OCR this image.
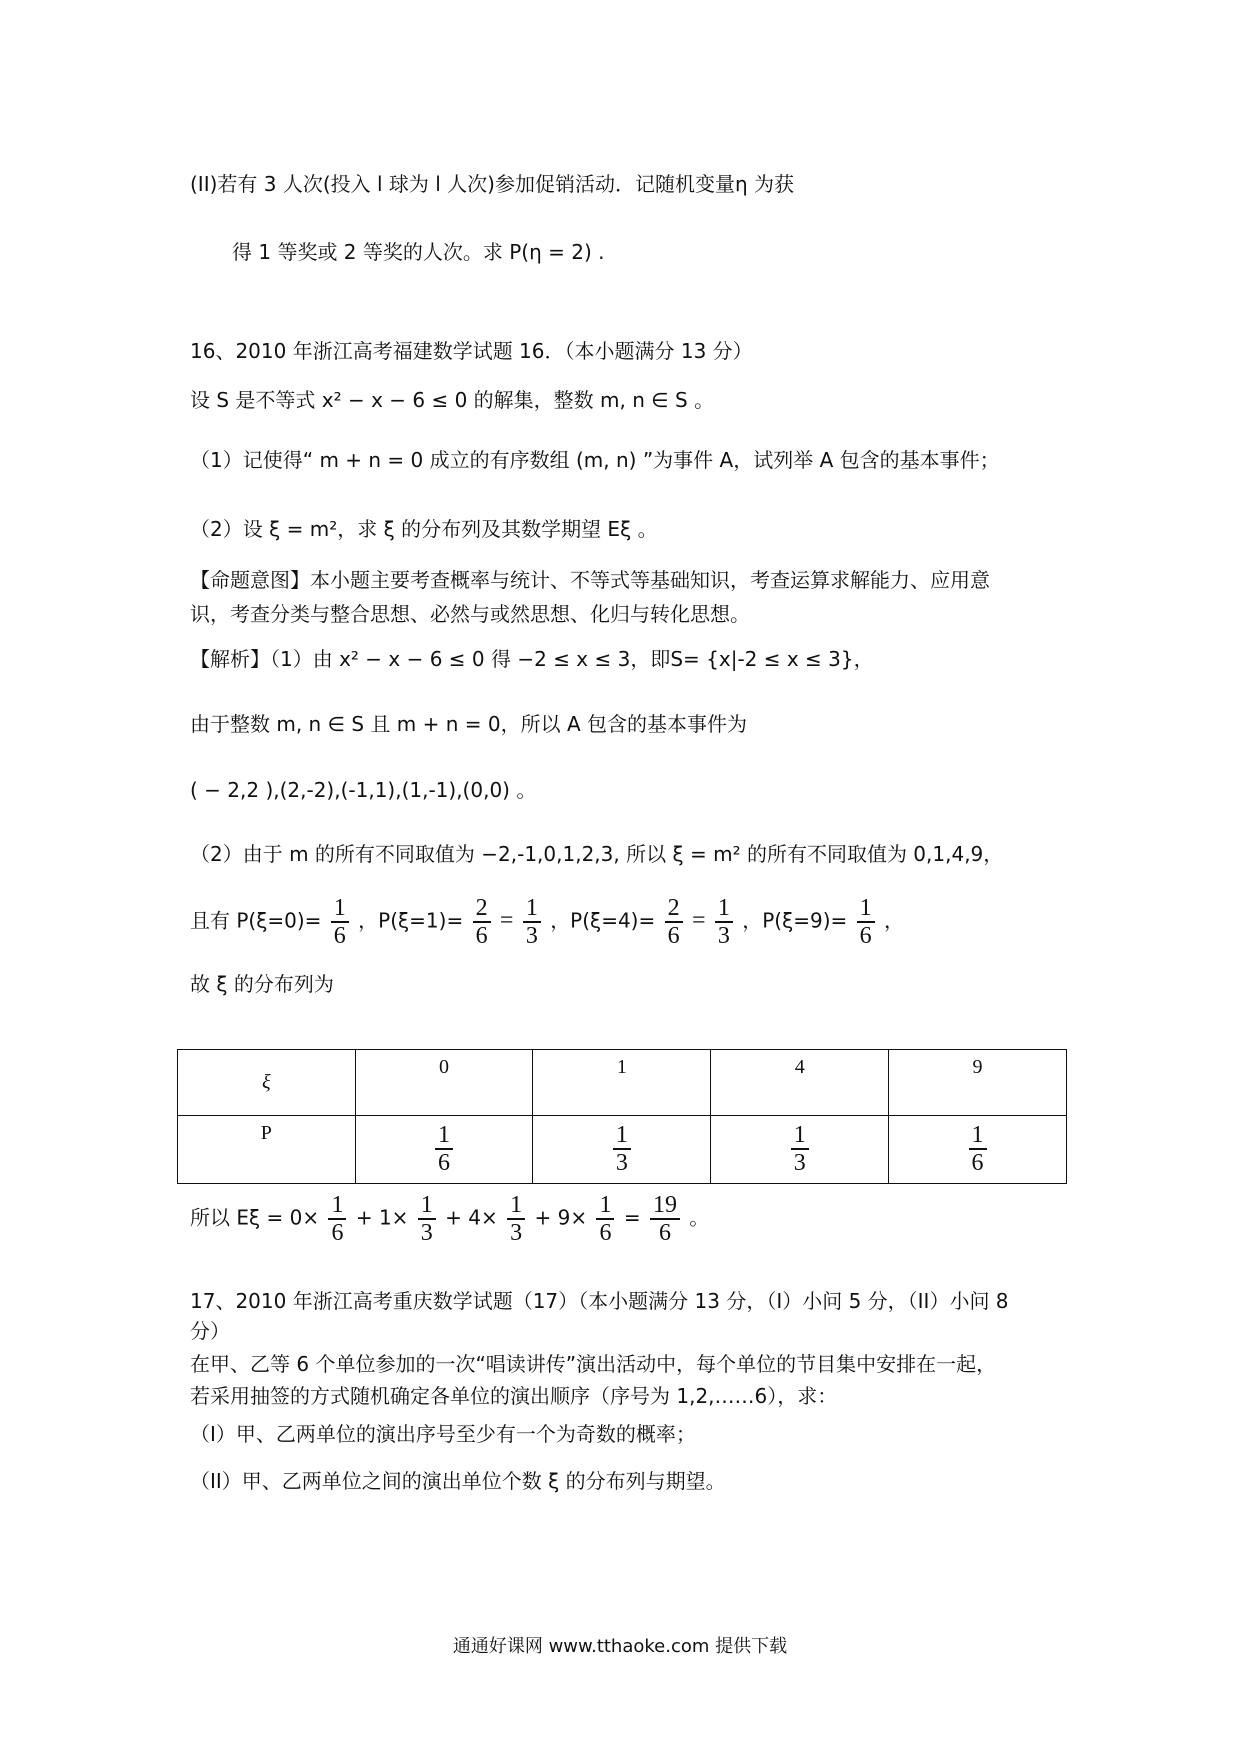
(II)若有 3 人次(投入 l 球为 l 人次)参加促销活动．记随机变量η 为获
得 1 等奖或 2 等奖的人次。求 P(η = 2) .
16、2010 年浙江高考福建数学试题 16．（本小题满分 13 分）
设 S 是不等式 x² − x − 6 ≤ 0 的解集，整数 m, n ∈ S 。
（1）记使得“ m + n = 0 成立的有序数组 (m, n) ”为事件 A，试列举 A 包含的基本事件；
（2）设 ξ = m²，求 ξ 的分布列及其数学期望 Eξ 。
【命题意图】本小题主要考查概率与统计、不等式等基础知识，考查运算求解能力、应用意
识，考查分类与整合思想、必然与或然思想、化归与转化思想。
【解析】（1）由 x² − x − 6 ≤ 0 得 −2 ≤ x ≤ 3，即S= {x|-2 ≤ x ≤ 3}，
由于整数 m, n ∈ S 且 m + n = 0，所以 A 包含的基本事件为
( − 2,2 ),(2,-2),(-1,1),(1,-1),(0,0) 。
（2）由于 m 的所有不同取值为 −2,-1,0,1,2,3, 所以 ξ = m² 的所有不同取值为 0,1,4,9，
且有 $P(\xi=0)= \frac{1}{6}$ ，$P(\xi=1)= \frac{2}{6} = \frac{1}{3}$ ，$P(\xi=4)= \frac{2}{6} = \frac{1}{3}$ ，$P(\xi=9)= \frac{1}{6}$ ，
故 ξ 的分布列为
ξ	0	1	4	9
P	$\frac{1}{6}$	$\frac{1}{3}$	$\frac{1}{3}$	$\frac{1}{6}$
所以 $E\xi = 0\times \frac{1}{6} + 1\times \frac{1}{3} + 4\times \frac{1}{3} + 9\times \frac{1}{6} = \frac{19}{6}$ 。
17、2010 年浙江高考重庆数学试题（17）（本小题满分 13 分，（I）小问 5 分，（II）小问 8
分）
在甲、乙等 6 个单位参加的一次“唱读讲传”演出活动中，每个单位的节目集中安排在一起，
若采用抽签的方式随机确定各单位的演出顺序（序号为 1,2,……6），求：
（I）甲、乙两单位的演出序号至少有一个为奇数的概率；
（II）甲、乙两单位之间的演出单位个数 ξ 的分布列与期望。
通通好课网 www.tthaoke.com 提供下载
